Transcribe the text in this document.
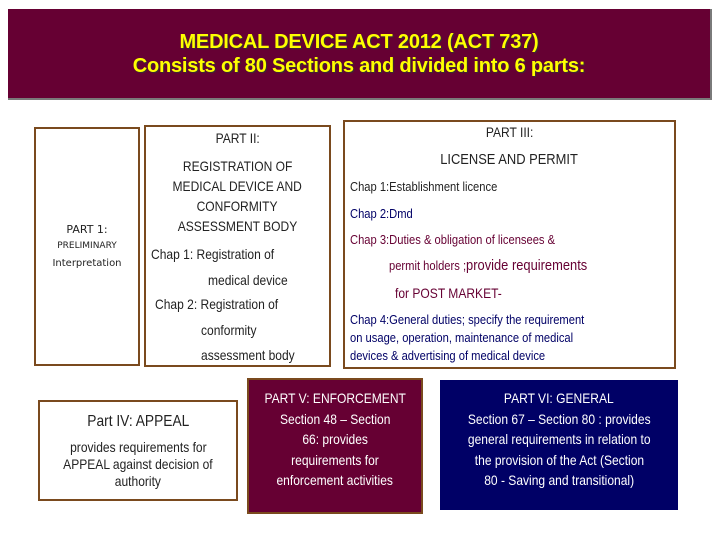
MEDICAL DEVICE ACT 2012 (ACT 737)
Consists of 80 Sections and divided into 6 parts:
PART 1:
PRELIMINARY
Interpretation
PART II:
REGISTRATION OF
MEDICAL DEVICE AND
CONFORMITY
ASSESSMENT BODY
Chap 1: Registration of
medical device
Chap 2: Registration of
conformity
assessment body
PART III:
LICENSE AND PERMIT
Chap 1:Establishment licence
Chap 2:Dmd
Chap 3:Duties & obligation of licensees &
permit holders ;provide requirements
for POST MARKET-
Chap 4:General duties; specify the requirement
on usage, operation, maintenance of medical
devices & advertising of medical device
Part IV: APPEAL
provides requirements for
APPEAL against decision of
authority
PART V: ENFORCEMENT
Section 48 – Section
66: provides
requirements for
enforcement activities
PART VI: GENERAL
Section 67 – Section 80 : provides
general requirements in relation to
the provision of the Act (Section
80 - Saving and transitional)
